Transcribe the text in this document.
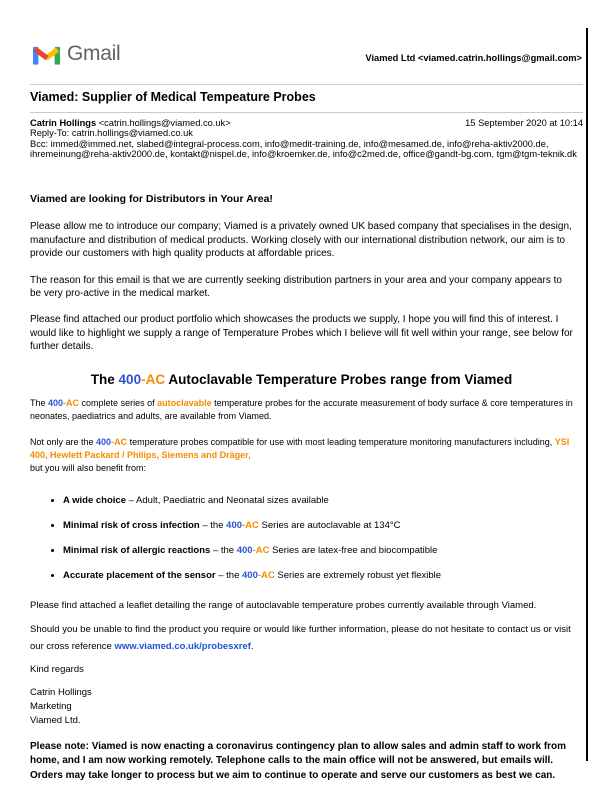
Gmail	Viamed Ltd <viamed.catrin.hollings@gmail.com>
Viamed: Supplier of Medical Tempeature Probes
Catrin Hollings <catrin.hollings@viamed.co.uk>	15 September 2020 at 10:14
Reply-To: catrin.hollings@viamed.co.uk
Bcc: immed@immed.net, slabed@integral-process.com, info@medit-training.de, info@mesamed.de, info@reha-aktiv2000.de, ihremeinung@reha-aktiv2000.de, kontakt@nispel.de, info@kroemker.de, info@c2med.de, office@gandt-bg.com, tgm@tgm-teknik.dk

Viamed are looking for Distributors in Your Area!

Please allow me to introduce our company; Viamed is a privately owned UK based company that specialises in the design, manufacture and distribution of medical products. Working closely with our international distribution network, our aim is to provide our customers with high quality products at affordable prices.

The reason for this email is that we are currently seeking distribution partners in your area and your company appears to be very pro-active in the medical market.

Please find attached our product portfolio which showcases the products we supply, I hope you will find this of interest. I would like to highlight we supply a range of Temperature Probes which I believe will fit well within your range, see below for further details.

The 400-AC Autoclavable Temperature Probes range from Viamed

The 400-AC complete series of autoclavable temperature probes for the accurate measurement of body surface & core temperatures in neonates, paediatrics and adults, are available from Viamed.

Not only are the 400-AC temperature probes compatible for use with most leading temperature monitoring manufacturers including, YSI 400, Hewlett Packard / Philips, Siemens and Dräger,
but you will also benefit from:

• A wide choice – Adult, Paediatric and Neonatal sizes available
• Minimal risk of cross infection – the 400-AC Series are autoclavable at 134°C
• Minimal risk of allergic reactions – the 400-AC Series are latex-free and biocompatible
• Accurate placement of the sensor – the 400-AC Series are extremely robust yet flexible

Please find attached a leaflet detailing the range of autoclavable temperature probes currently available through Viamed.

Should you be unable to find the product you require or would like further information, please do not hesitate to contact us or visit our cross reference www.viamed.co.uk/probesxref.

Kind regards

Catrin Hollings
Marketing
Viamed Ltd.

Please note: Viamed is now enacting a coronavirus contingency plan to allow sales and admin staff to work from home, and I am now working remotely. Telephone calls to the main office will not be answered, but emails will. Orders may take longer to process but we aim to continue to operate and serve our customers as best we can.
